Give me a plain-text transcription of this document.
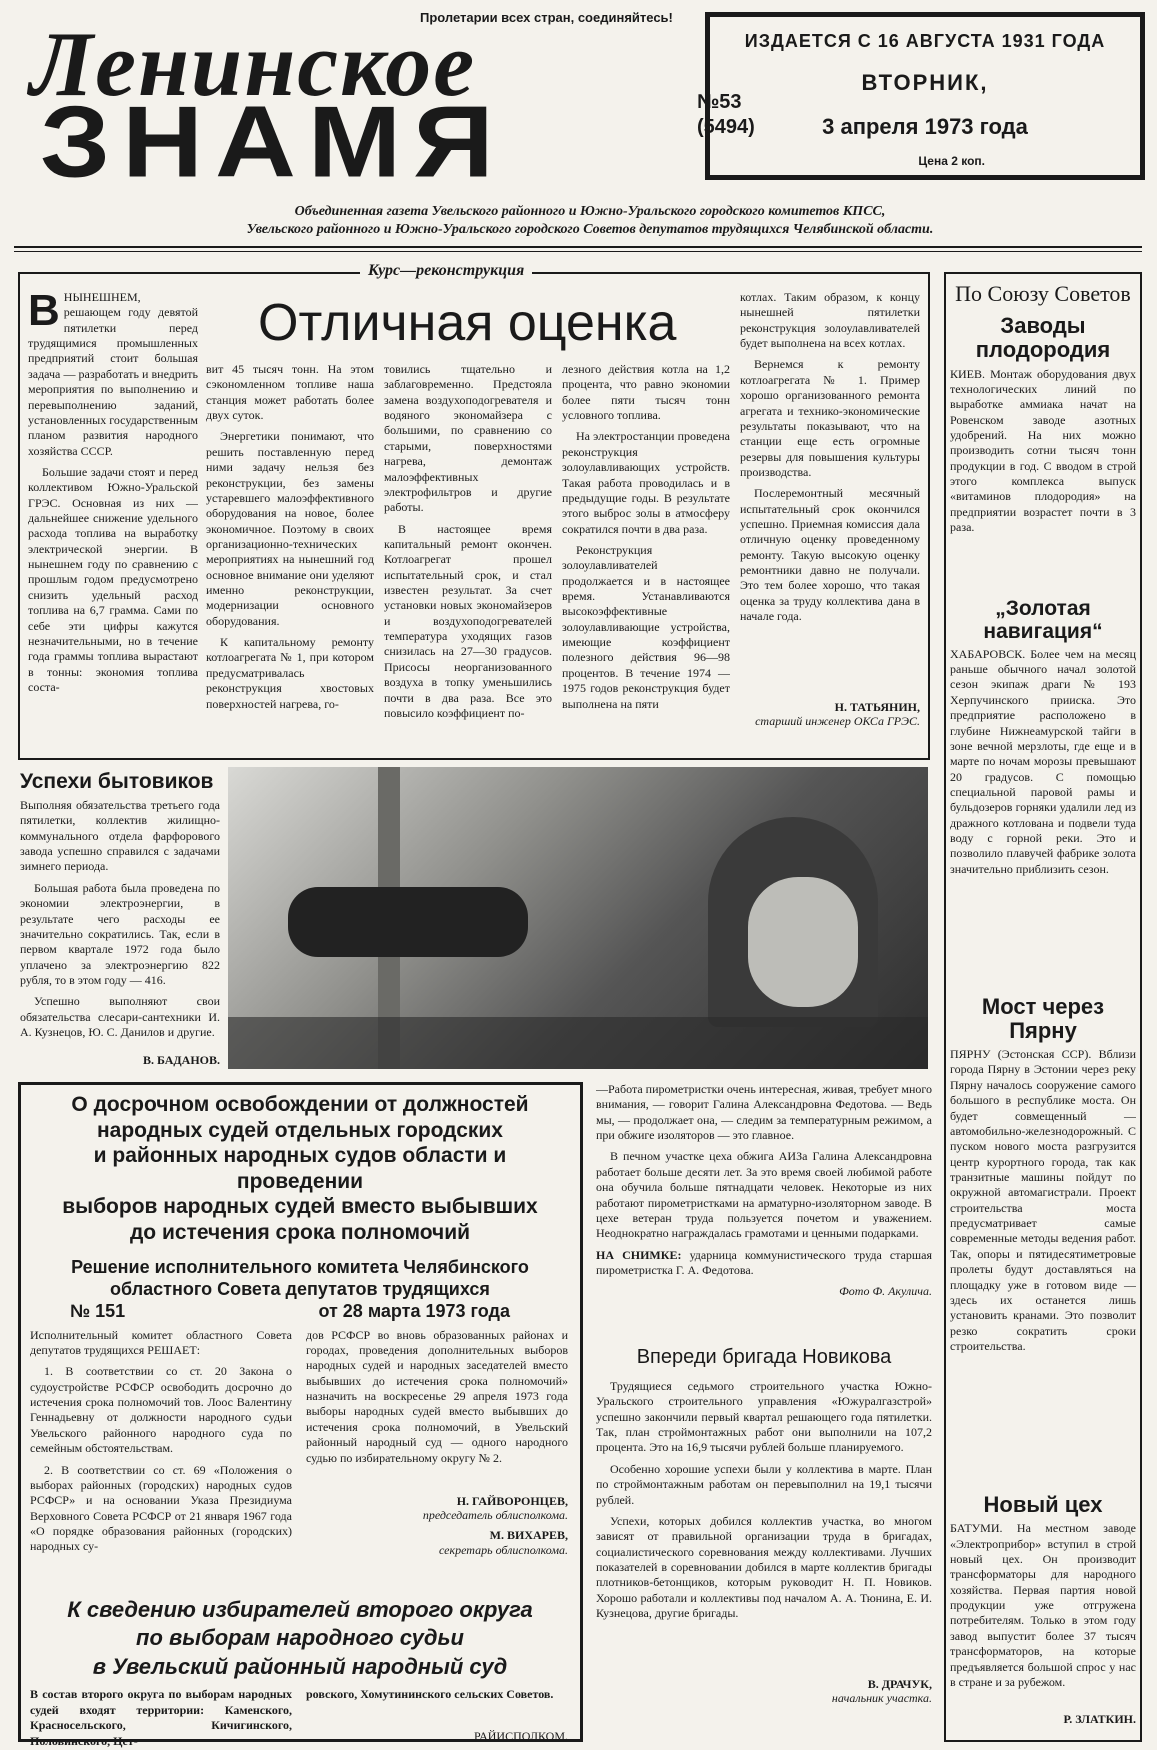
Пролетарии всех стран, соединяйтесь!
Ленинское
ЗНАМЯ	№53
(5494)
ИЗДАЕТСЯ С 16 АВГУСТА 1931 ГОДА
ВТОРНИК,
3 апреля 1973 года
Цена 2 коп.
Объединенная газета Увельского районного и Южно-Уральского городского комитетов КПСС,
Увельского районного и Южно-Уральского городского Советов депутатов трудящихся Челябинской области.
Курс—реконструкция
Отличная оценка

ВНЫНЕШНЕМ, решающем году девятой пятилетки перед трудящимися промышленных предприятий стоит большая задача — разработать и внедрить мероприятия по выполнению и перевыполнению заданий, установленных государственным планом развития народного хозяйства СССР.

Большие задачи стоят и перед коллективом Южно-Уральской ГРЭС. Основная из них — дальнейшее снижение удельного расхода топлива на выработку электрической энергии. В нынешнем году по сравнению с прошлым годом предусмотрено снизить удельный расход топлива на 6,7 грамма. Сами по себе эти цифры кажутся незначительными, но в течение года граммы топлива вырастают в тонны: экономия топлива соста-

вит 45 тысяч тонн. На этом сэкономленном топливе наша станция может работать более двух суток.

Энергетики понимают, что решить поставленную перед ними задачу нельзя без реконструкции, без замены устаревшего малоэффективного оборудования на новое, более экономичное. Поэтому в своих организационно-технических мероприятиях на нынешний год основное внимание они уделяют именно реконструкции, модернизации основного оборудования.

К капитальному ремонту котлоагрегата № 1, при котором предусматривалась реконструкция хвостовых поверхностей нагрева, го-

товились тщательно и заблаговременно. Предстояла замена воздухоподогревателя и водяного экономайзера с большими, по сравнению со старыми, поверхностями нагрева, демонтаж малоэффективных электрофильтров и другие работы.

В настоящее время капитальный ремонт окончен. Котлоагрегат прошел испытательный срок, и стал известен результат. За счет установки новых экономайзеров и воздухоподогревателей температура уходящих газов снизилась на 27—30 градусов. Присосы неорганизованного воздуха в топку уменьшились почти в два раза. Все это повысило коэффициент по-

лезного действия котла на 1,2 процента, что равно экономии более пяти тысяч тонн условного топлива.

На электростанции проведена реконструкция золоулавливающих устройств. Такая работа проводилась и в предыдущие годы. В результате этого выброс золы в атмосферу сократился почти в два раза.

Реконструкция золоулавливателей продолжается и в настоящее время. Устанавливаются высокоэффективные золоулавливающие устройства, имеющие коэффициент полезного действия 96—98 процентов. В течение 1974 — 1975 годов реконструкция будет выполнена на пяти

котлах. Таким образом, к концу нынешней пятилетки реконструкция золоулавливателей будет выполнена на всех котлах.

Вернемся к ремонту котлоагрегата № 1. Пример хорошо организованного ремонта агрегата и технико-экономические результаты показывают, что на станции еще есть огромные резервы для повышения культуры производства.

Послеремонтный месячный испытательный срок окончился успешно. Приемная комиссия дала отличную оценку проведенному ремонту. Такую высокую оценку ремонтники давно не получали. Это тем более хорошо, что такая оценка за труду коллектива дана в начале года.

Н. ТАТЬЯНИН,
старший инженер ОКСа ГРЭС.
По Союзу Советов
Заводы плодородия
КИЕВ. Монтаж оборудования двух технологических линий по выработке аммиака начат на Ровенском заводе азотных удобрений. На них можно производить сотни тысяч тонн продукции в год. С вводом в строй этого комплекса выпуск «витаминов плодородия» на предприятии возрастет почти в 3 раза.
„Золотая навигация“
ХАБАРОВСК. Более чем на месяц раньше обычного начал золотой сезон экипаж драги № 193 Херпучинского прииска. Это предприятие расположено в глубине Нижнеамурской тайги в зоне вечной мерзлоты, где еще и в марте по ночам морозы превышают 20 градусов. С помощью специальной паровой рамы и бульдозеров горняки удалили лед из дражного котлована и подвели туда воду с горной реки. Это и позволило плавучей фабрике золота значительно приблизить сезон.
Мост через Пярну
ПЯРНУ (Эстонская ССР). Вблизи города Пярну в Эстонии через реку Пярну началось сооружение самого большого в республике моста. Он будет совмещенный — автомобильно-железнодорожный. С пуском нового моста разгрузится центр курортного города, так как транзитные машины пойдут по окружной автомагистрали. Проект строительства моста предусматривает самые современные методы ведения работ. Так, опоры и пятидесятиметровые пролеты будут доставляться на площадку уже в готовом виде — здесь их останется лишь установить кранами. Это позволит резко сократить сроки строительства.
Новый цех
БАТУМИ. На местном заводе «Электроприбор» вступил в строй новый цех. Он производит трансформаторы для народного хозяйства. Первая партия новой продукции уже отгружена потребителям. Только в этом году завод выпустит более 37 тысяч трансформаторов, на которые предъявляется большой спрос у нас в стране и за рубежом.
Р. ЗЛАТКИН.
Успехи бытовиков

Выполняя обязательства третьего года пятилетки, коллектив жилищно-коммунального отдела фарфорового завода успешно справился с задачами зимнего периода.

Большая работа была проведена по экономии электроэнергии, в результате чего расходы ее значительно сократились. Так, если в первом квартале 1972 года было уплачено за электроэнергию 822 рубля, то в этом году — 416.

Успешно выполняют свои обязательства слесари-сантехники И. А. Кузнецов, Ю. С. Данилов и другие.

В. БАДАНОВ.
О досрочном освобождении от должностей
народных судей отдельных городских
и районных народных судов области и проведении
выборов народных судей вместо выбывших
до истечения срока полномочий
Решение исполнительного комитета Челябинского
областного Совета депутатов трудящихся
№ 151	от 28 марта 1973 года

Исполнительный комитет областного Совета депутатов трудящихся РЕШАЕТ:

1. В соответствии со ст. 20 Закона о судоустройстве РСФСР освободить досрочно до истечения срока полномочий тов. Лоос Валентину Геннадьевну от должности народного судьи Увельского районного народного суда по семейным обстоятельствам.

2. В соответствии со ст. 69 «Положения о выборах районных (городских) народных судов РСФСР» и на основании Указа Президиума Верховного Совета РСФСР от 21 января 1967 года «О порядке образования районных (городских) народных су-

дов РСФСР во вновь образованных районах и городах, проведения дополнительных выборов народных судей и народных заседателей вместо выбывших до истечения срока полномочий» назначить на воскресенье 29 апреля 1973 года выборы народных судей вместо выбывших до истечения срока полномочий, в Увельский районный народный суд — одного народного судью по избирательному округу № 2.

Н. ГАЙВОРОНЦЕВ,
председатель облисполкома.
М. ВИХАРЕВ,
секретарь облисполкома.
К сведению избирателей второго округа
по выборам народного судьи
в Увельский районный народный суд
В состав второго округа по выборам народных судей входят территории: Каменского, Красносельского, Кичигинского, Половинского, Цет-
ровского, Хомутининского сельских Советов.
РАЙИСПОЛКОМ.

—Работа пирометристки очень интересная, живая, требует много внимания, — говорит Галина Александровна Федотова. — Ведь мы, — продолжает она, — следим за температурным режимом, а при обжиге изоляторов — это главное.

В печном участке цеха обжига АИЗа Галина Александровна работает больше десяти лет. За это время своей любимой работе она обучила больше пятнадцати человек. Некоторые из них работают пирометристками на арматурно-изоляторном заводе. В цехе ветеран труда пользуется почетом и уважением. Неоднократно награждалась грамотами и ценными подарками.

НА СНИМКЕ: ударница коммунистического труда старшая пирометристка Г. А. Федотова.

Фото Ф. Акулича.

Впереди бригада Новикова

Трудящиеся седьмого строительного участка Южно-Уральского строительного управления «Южуралгазстрой» успешно закончили первый квартал решающего года пятилетки. Так, план строймонтажных работ они выполнили на 107,2 процента. Это на 16,9 тысячи рублей больше планируемого.

Особенно хорошие успехи были у коллектива в марте. План по строймонтажным работам он перевыполнил на 19,1 тысячи рублей.

Успехи, которых добился коллектив участка, во многом зависят от правильной организации труда в бригадах, социалистического соревнования между коллективами. Лучших показателей в соревновании добился в марте коллектив бригады плотников-бетонщиков, которым руководит Н. П. Новиков. Хорошо работали и коллективы под началом А. А. Тюнина, Е. И. Кузнецова, другие бригады.

В. ДРАЧУК,
начальник участка.
